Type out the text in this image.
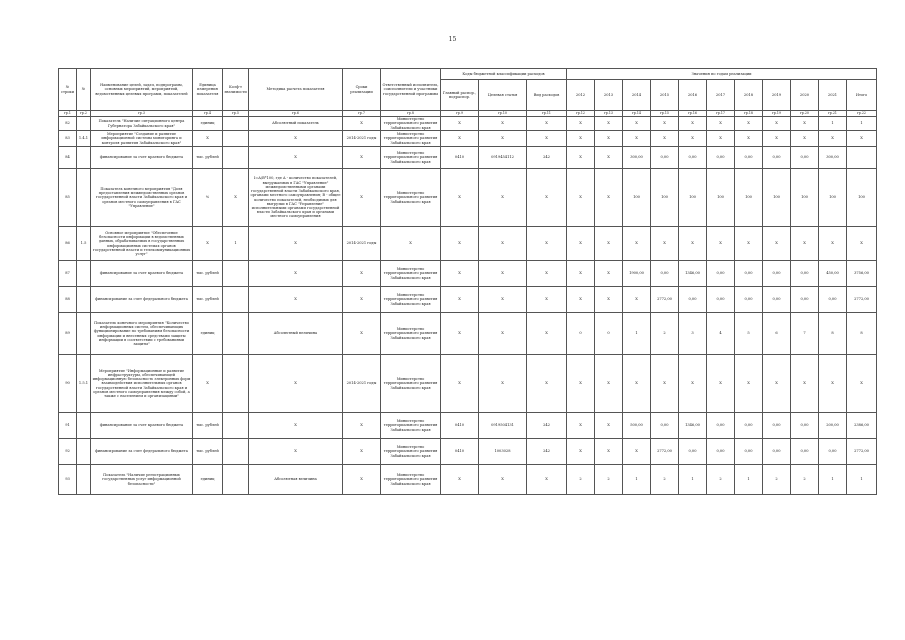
15
№ строки	№	Наименование целей, задач, подпрограмм, основных мероприятий, мероприятий, ведомственных целевых программ, показателей	Единица измерения показателя	Коэф-т значимости	Методика расчета показателя	Сроки реализации	Ответственный исполнитель, соисполнители и участники государственной программы	Коды бюджетной классификации расходов			Значения по годам реализации										
								Главный распор., подраспор.	Целевая статья	Вид расходов	2012	2013	2014	2015	2016	2017	2018	2019	2020	2021	Итого
гр.1	гр.2	гр.3	гр.4	гр.5	гр.6	гр.7	гр.8	гр.9	гр.10	гр.11	гр.12	гр.13	гр.14	гр.15	гр.16	гр.17	гр.18	гр.19	гр.20	гр.21	гр.22
82		Показатель "Наличие ситуационного центра Губернатора Забайкальского края"	единиц		Абсолютный показатель	X	Министерство территориального развития Забайкальского края	X	X	X	X	X	X	X	X	X	X	X	X	1	1
83	1.4.1	Мероприятие "Создание и развитие информационной системы мониторинга и контроля развития Забайкальского края"	X		X	2014-2021 годы	Министерство территориального развития Забайкальского края	X	X	X	X	X	X	X	X	X	X	X	X	X	X
84		финансирование за счет краевого бюджета	тыс. рублей		X	X	Министерство территориального развития Забайкальского края	0410	0919454112	242	X	X	300,00	0,00	0,00	0,00	0,00	0,00	0,00	300,00	
85		Показатель конечного мероприятия "Доля предоставления межведомственных органов государственной власти Забайкальского края и органов местного самоуправления в ГАС "Управление"	%	X	I=A/B*100, где A - количество показателей, выгружаемых в ГАС "Управление" межведомственными органами государственной власти Забайкальского края, органами местного самоуправления; B - общее количество показателей, необходимых для выгрузки в ГАС "Управление" исполнительными органами государственной власти Забайкальского края и органами местного самоуправления	X	Министерство территориального развития Забайкальского края	X	X	X	X	X	100	100	100	100	100	100	100	100	100
86	1.5	Основное мероприятие "Обеспечение безопасности информации в ведомственных данных, обрабатываемых в государственных информационных системах органов государственной власти и телекоммуникационных услуг"	X	1	X	2014-2021 годы	X	X	X	X	X	X	X	X	X	X	X	X	X	X	X
87		финансирование за счет краевого бюджета	тыс. рублей		X	X	Министерство территориального развития Забайкальского края	X	X	X	X	X	1900,00	0,00	1346,00	0,00	0,00	0,00	0,00	450,00	3756,00
88		финансирование за счет федерального бюджета	тыс. рублей		X	X	Министерство территориального развития Забайкальского края	X	X	X	X	X	X	2772,00	0,00	0,00	0,00	0,00	0,00	0,00	2772,00
89		Показатель конечного мероприятия "Количество информационных систем, обеспечивающих функционирование по требованиям безопасности информации и внесенных средствами защиты информации в соответствии с требованиями защиты"	единиц		Абсолютный величина	X	Министерство территориального развития Забайкальского края	X	X	X	0	0	1	2	3	4	5	6	7	8	8
90	1.5.1	Мероприятие "Информационные и развитие инфраструктуры, обеспечивающей информационную безопасность электронных форм взаимодействия исполнительных органов государственной власти Забайкальского края и органов местного самоуправления между собой, а также с населением и организациями"	X		X	2014-2021 годы	Министерство территориального развития Забайкальского края	X	X	X	X	X	X	X	X	X	X	X	X	X	X
91		финансирование за счет краевого бюджета	тыс. рублей		X	X	Министерство территориального развития Забайкальского края	0410	0919504131	242	X	X	500,00	0,00	1346,00	0,00	0,00	0,00	0,00	200,00	2386,00
92		финансирование за счет федерального бюджета	тыс. рублей		X	X	Министерство территориального развития Забайкальского края	0410	1003028	242	X	X	X	2772,00	0,00	0,00	0,00	0,00	0,00	0,00	2772,00
93		Показатель "Наличие регистрационных государственных услуг информационной безопасности"	единиц		Абсолютная величина	X	Министерство территориального развития Забайкальского края	X	X	X	2	2	1	2	1	2	1	2	2	1	1
